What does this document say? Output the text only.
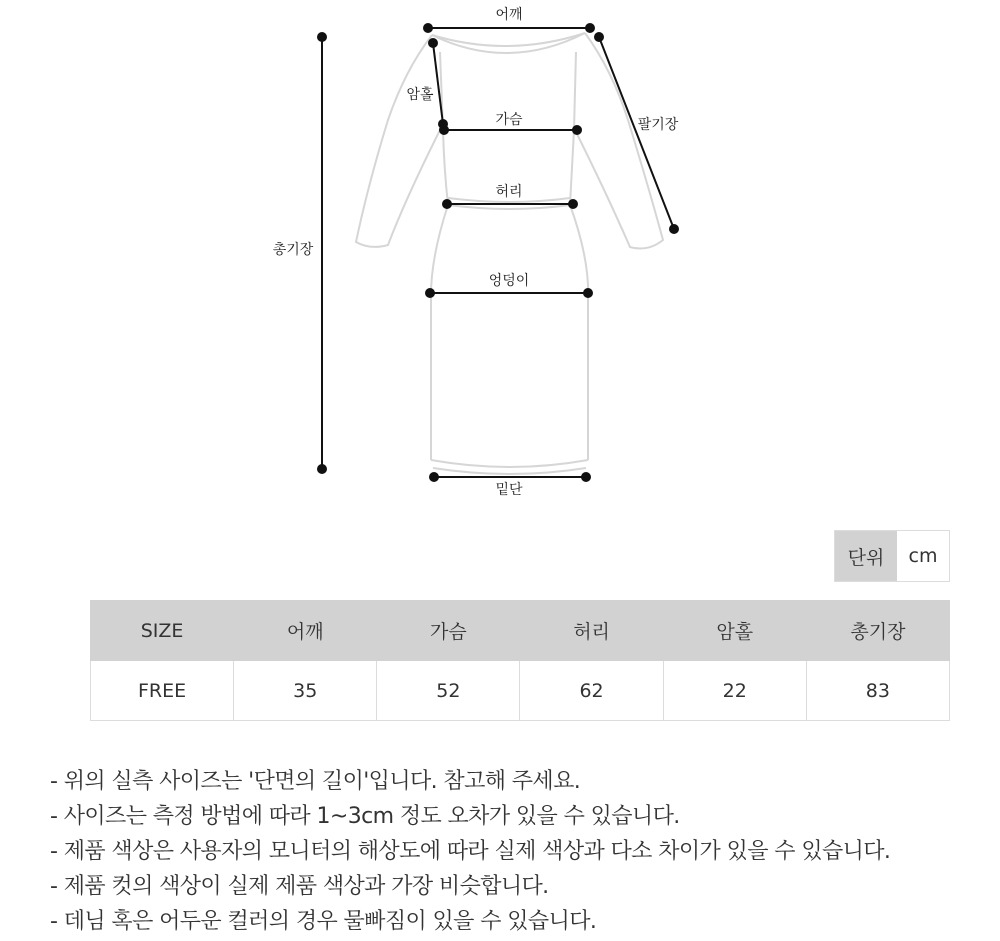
어깨
암홀
가슴	팔기장
허리
총기장
엉덩이
밑단
단위	cm
SIZE	어깨	가슴	허리	암홀	총기장
FREE	35	52	62	22	83
- 위의 실측 사이즈는 '단면의 길이'입니다. 참고해 주세요.
- 사이즈는 측정 방법에 따라 1~3cm 정도 오차가 있을 수 있습니다.
- 제품 색상은 사용자의 모니터의 해상도에 따라 실제 색상과 다소 차이가 있을 수 있습니다.
- 제품 컷의 색상이 실제 제품 색상과 가장 비슷합니다.
- 데님 혹은 어두운 컬러의 경우 물빠짐이 있을 수 있습니다.
